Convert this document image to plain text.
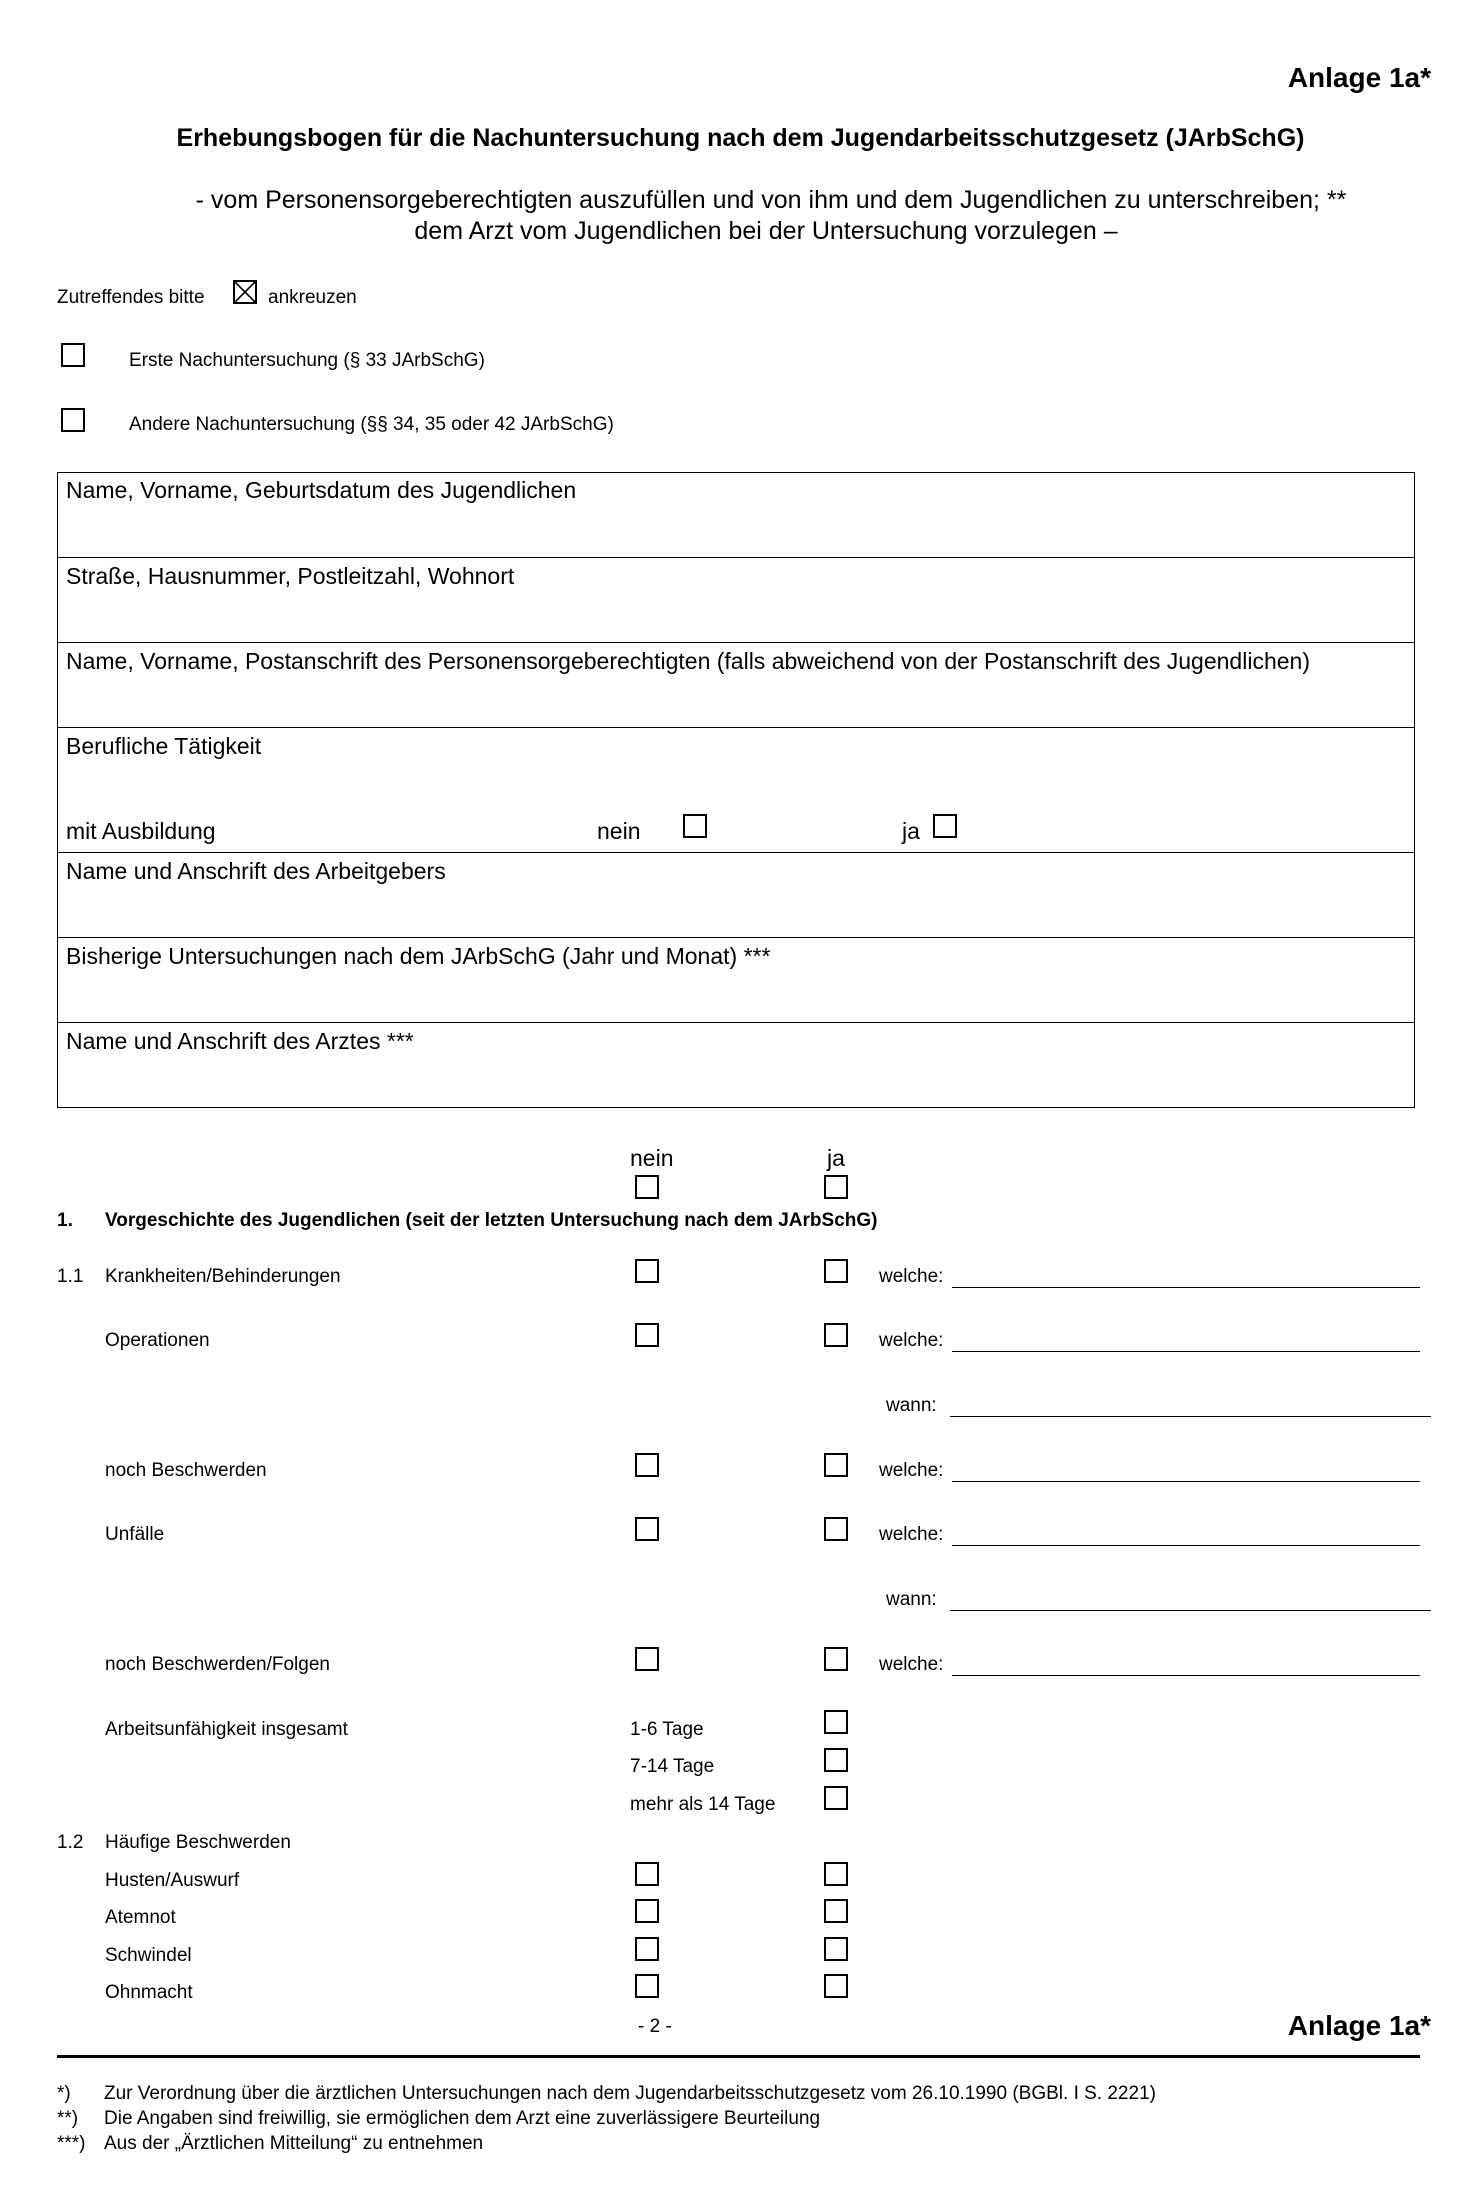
Anlage 1a*
Erhebungsbogen für die Nachuntersuchung nach dem Jugendarbeitsschutzgesetz (JArbSchG)
- vom Personensorgeberechtigten auszufüllen und von ihm und dem Jugendlichen zu unterschreiben; **
dem Arzt vom Jugendlichen bei der Untersuchung vorzulegen –
Zutreffendes bitte	ankreuzen
Erste Nachuntersuchung (§ 33 JArbSchG)
Andere Nachuntersuchung (§§ 34, 35 oder 42 JArbSchG)
Name, Vorname, Geburtsdatum des Jugendlichen
Straße, Hausnummer, Postleitzahl, Wohnort
Name, Vorname, Postanschrift des Personensorgeberechtigten (falls abweichend von der Postanschrift des Jugendlichen)
Berufliche Tätigkeit
mit Ausbildung	nein	ja
Name und Anschrift des Arbeitgebers
Bisherige Untersuchungen nach dem JArbSchG (Jahr und Monat) ***
Name und Anschrift des Arztes ***
nein	ja
1. Vorgeschichte des Jugendlichen (seit der letzten Untersuchung nach dem JArbSchG)
1.1 Krankheiten/Behinderungen	welche:
Operationen	welche:
wann:
noch Beschwerden	welche:
Unfälle	welche:
wann:
noch Beschwerden/Folgen	welche:
Arbeitsunfähigkeit insgesamt	1-6 Tage
7-14 Tage
mehr als 14 Tage
1.2 Häufige Beschwerden
Husten/Auswurf
Atemnot
Schwindel
Ohnmacht
- 2 -	Anlage 1a*
*) Zur Verordnung über die ärztlichen Untersuchungen nach dem Jugendarbeitsschutzgesetz vom 26.10.1990 (BGBl. I S. 2221)
**) Die Angaben sind freiwillig, sie ermöglichen dem Arzt eine zuverlässigere Beurteilung
***) Aus der „Ärztlichen Mitteilung“ zu entnehmen
